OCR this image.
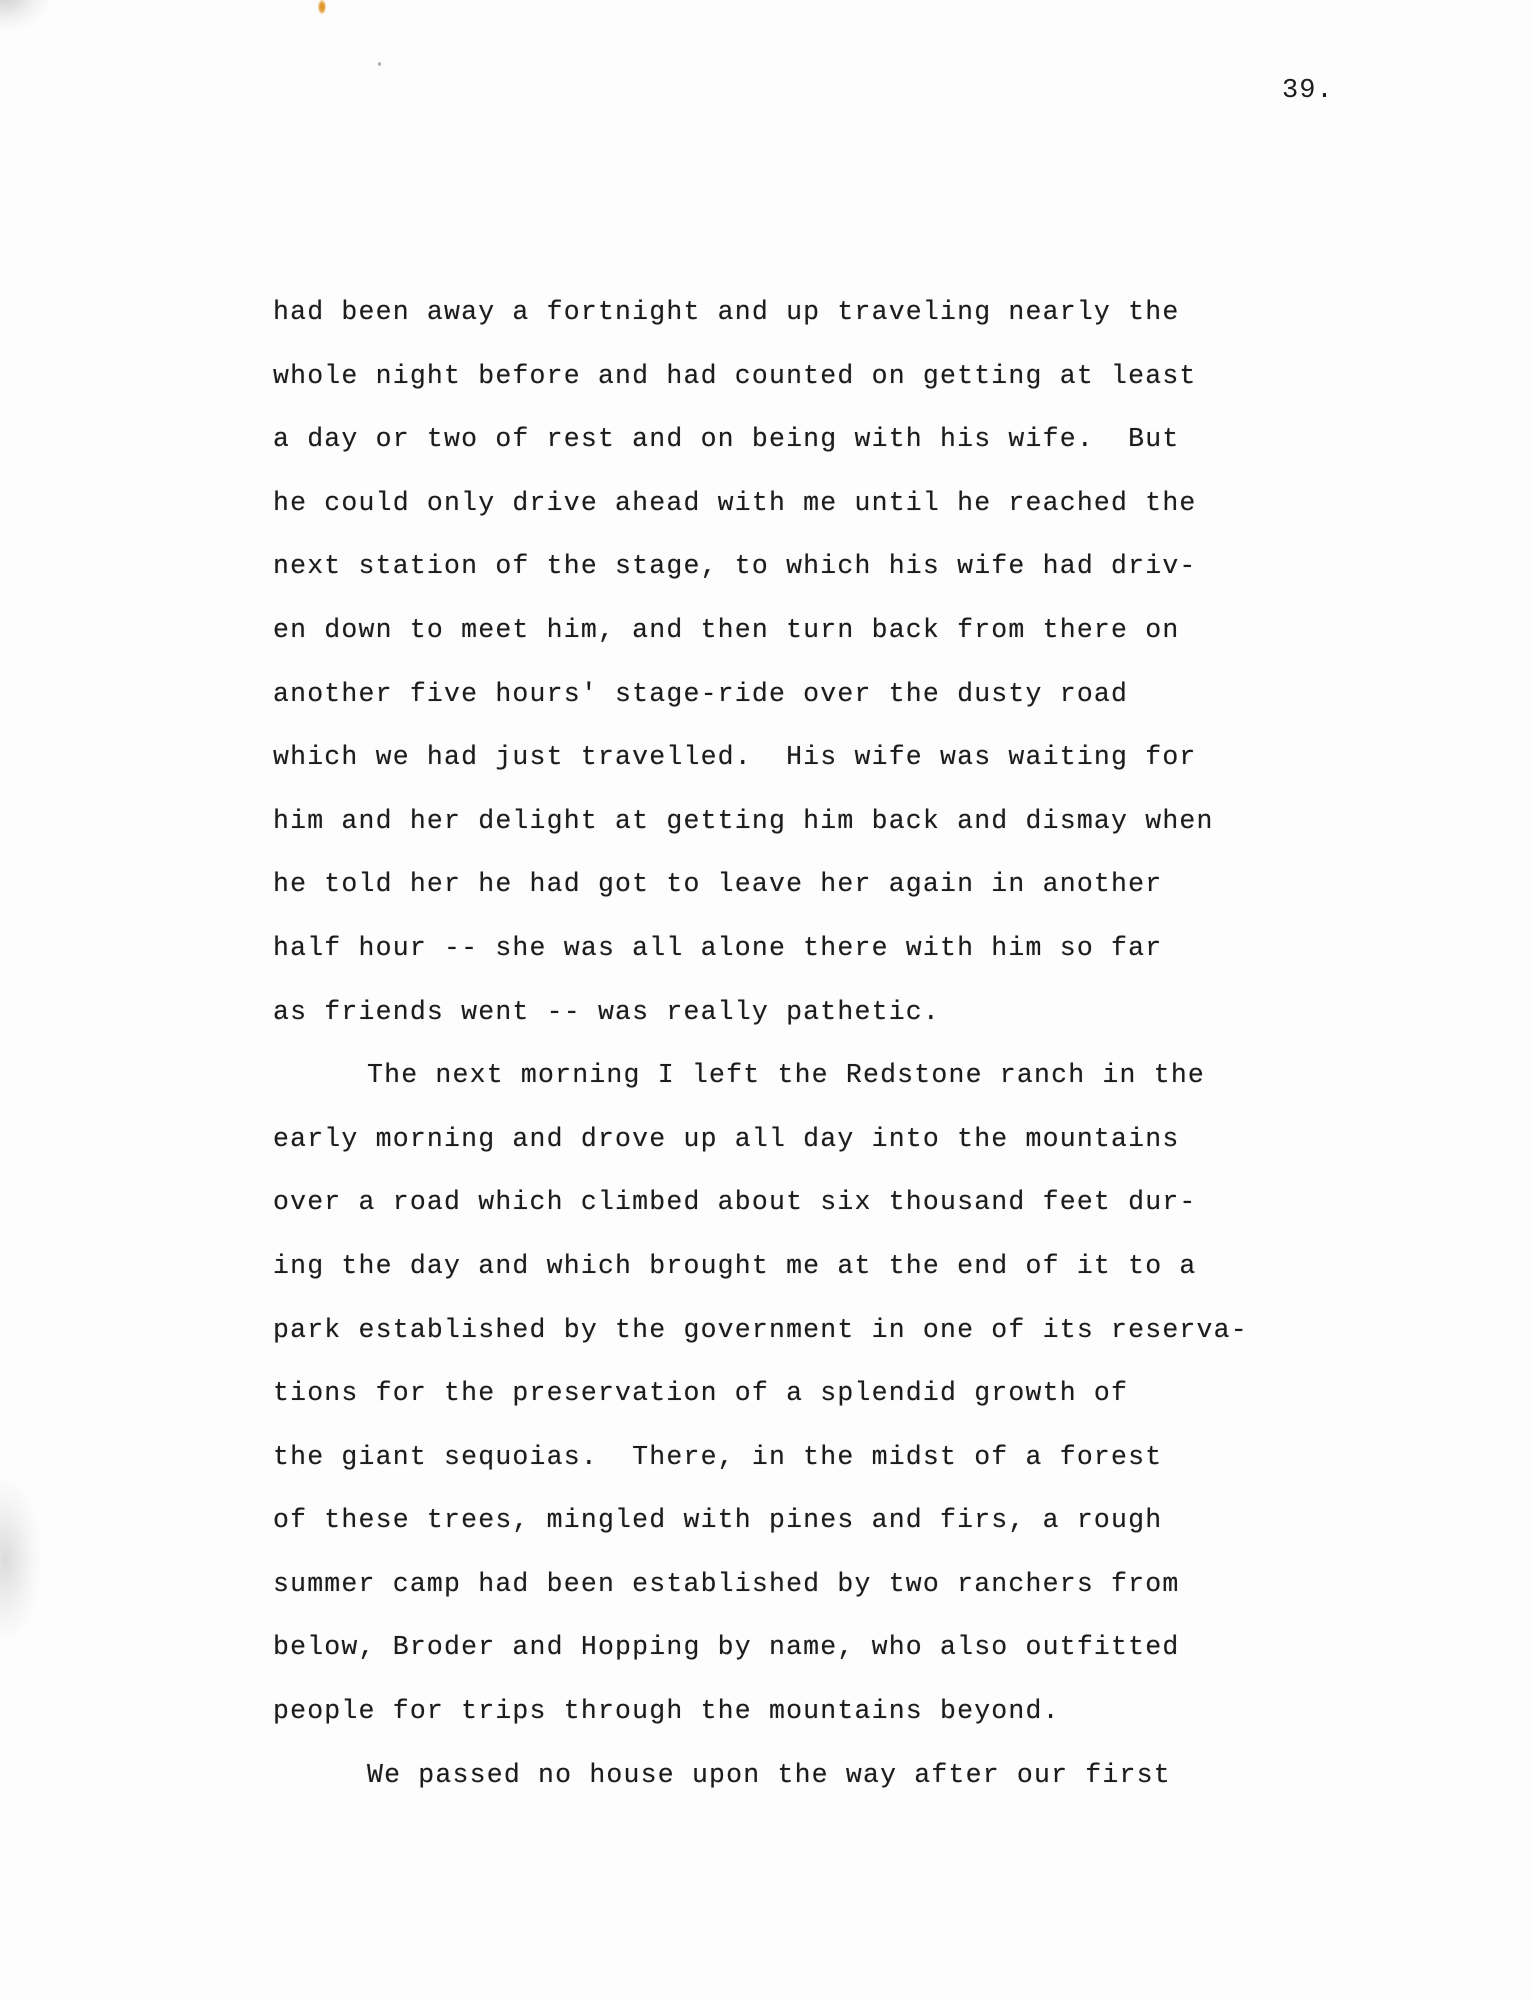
39.
had been away a fortnight and up traveling nearly the
whole night before and had counted on getting at least
a day or two of rest and on being with his wife.  But
he could only drive ahead with me until he reached the
next station of the stage, to which his wife had driv-
en down to meet him, and then turn back from there on
another five hours' stage-ride over the dusty road
which we had just travelled.  His wife was waiting for
him and her delight at getting him back and dismay when
he told her he had got to leave her again in another
half hour -- she was all alone there with him so far
as friends went -- was really pathetic.
The next morning I left the Redstone ranch in the
early morning and drove up all day into the mountains
over a road which climbed about six thousand feet dur-
ing the day and which brought me at the end of it to a
park established by the government in one of its reserva-
tions for the preservation of a splendid growth of
the giant sequoias.  There, in the midst of a forest
of these trees, mingled with pines and firs, a rough
summer camp had been established by two ranchers from
below, Broder and Hopping by name, who also outfitted
people for trips through the mountains beyond.
We passed no house upon the way after our first
